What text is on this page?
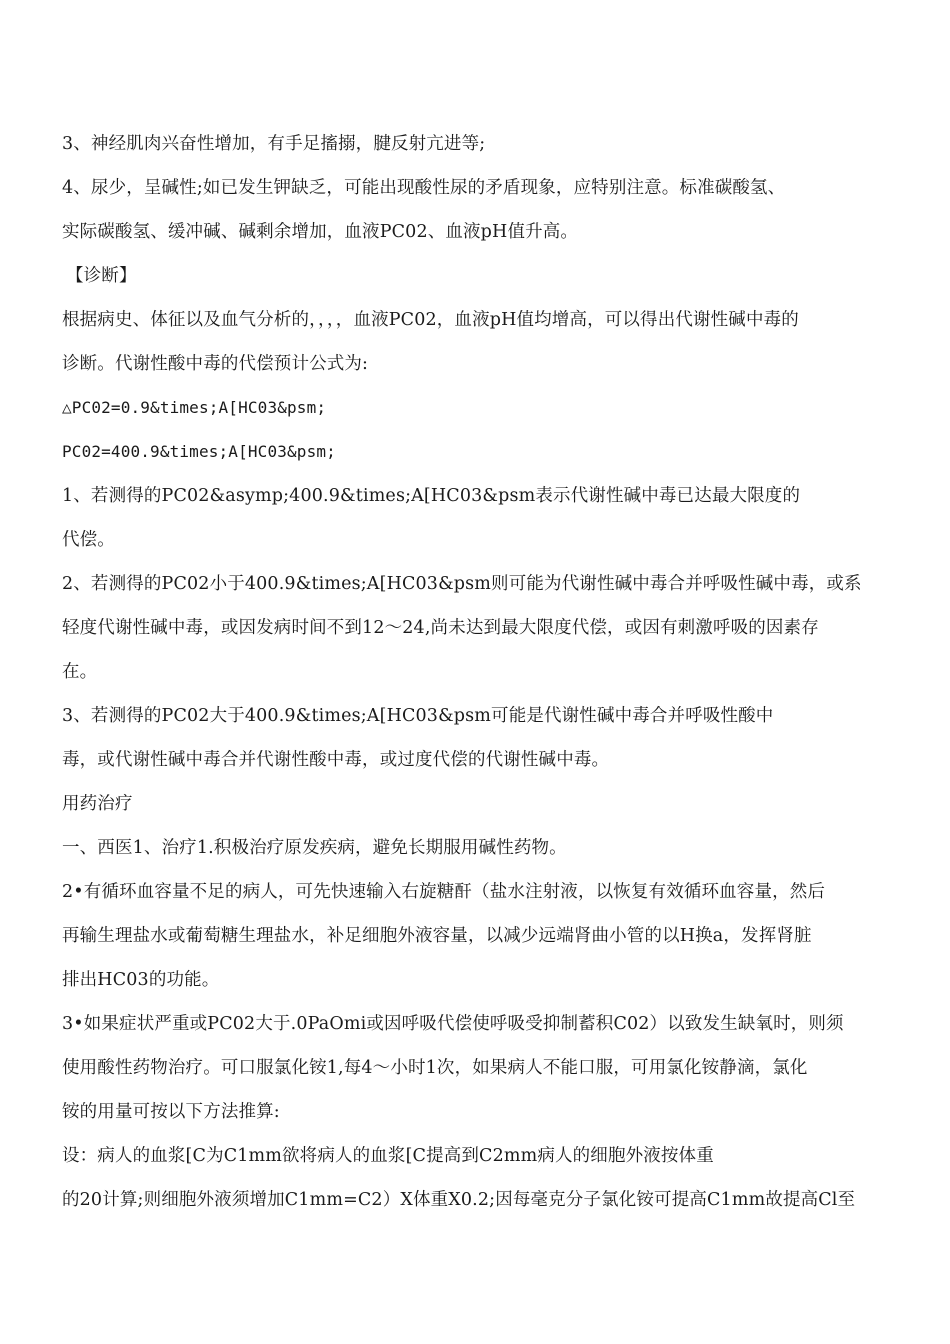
3、神经肌肉兴奋性增加，有手足搐搦，腱反射亢进等;
4、尿少，呈碱性;如已发生钾缺乏，可能出现酸性尿的矛盾现象，应特别注意。标准碳酸氢、
实际碳酸氢、缓冲碱、碱剩余增加，血液PC02、血液pH值升高。
【诊断】
根据病史、体征以及血气分析的，，，，血液PC02，血液pH值均增高，可以得出代谢性碱中毒的
诊断。代谢性酸中毒的代偿预计公式为:
△PC02=0.9&times;A[HC03&psm;
PC02=400.9&times;A[HC03&psm;
1、若测得的PC02&asymp;400.9&times;A[HC03&psm表示代谢性碱中毒已达最大限度的
代偿。
2、若测得的PC02小于400.9&times;A[HC03&psm则可能为代谢性碱中毒合并呼吸性碱中毒，或系
轻度代谢性碱中毒，或因发病时间不到12〜24,尚未达到最大限度代偿，或因有刺激呼吸的因素存
在。
3、若测得的PC02大于400.9&times;A[HC03&psm可能是代谢性碱中毒合并呼吸性酸中
毒，或代谢性碱中毒合并代谢性酸中毒，或过度代偿的代谢性碱中毒。
用药治疗
一、西医1、治疗1.积极治疗原发疾病，避免长期服用碱性药物。
2•有循环血容量不足的病人，可先快速输入右旋糖酐（盐水注射液，以恢复有效循环血容量，然后
再输生理盐水或葡萄糖生理盐水，补足细胞外液容量，以减少远端肾曲小管的以H换a，发挥肾脏
排出HC03的功能。
3•如果症状严重或PC02大于.0PaOmi或因呼吸代偿使呼吸受抑制蓄积C02）以致发生缺氧时，则须
使用酸性药物治疗。可口服氯化铵1,每4〜小时1次，如果病人不能口服，可用氯化铵静滴，氯化
铵的用量可按以下方法推算:
设：病人的血浆[C为C1mm欲将病人的血浆[C提高到C2mm病人的细胞外液按体重
的20计算;则细胞外液须增加C1mm=C2）X体重X0.2;因每毫克分子氯化铵可提高C1mm故提高Cl至
